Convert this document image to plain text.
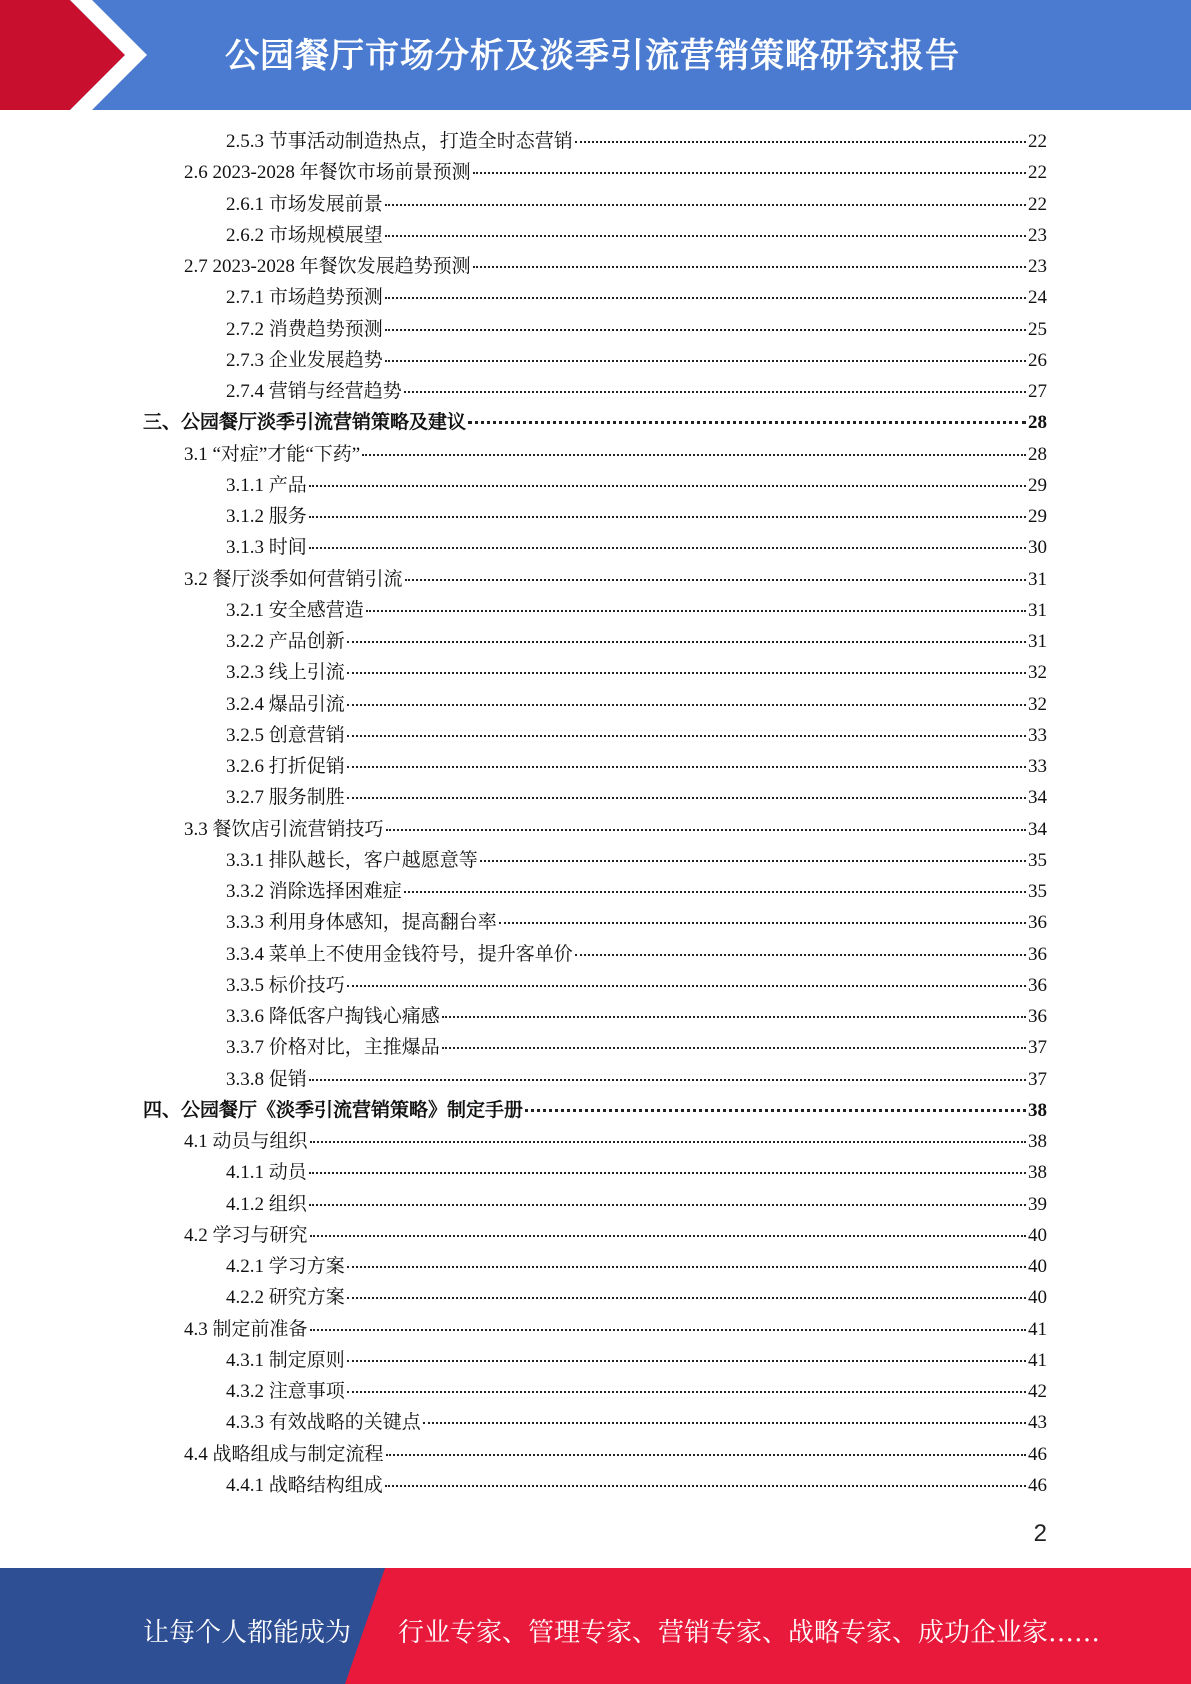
公园餐厅市场分析及淡季引流营销策略研究报告
2.5.3 节事活动制造热点，打造全时态营销	22
2.6 2023-2028 年餐饮市场前景预测	22
2.6.1 市场发展前景	22
2.6.2 市场规模展望	23
2.7 2023-2028 年餐饮发展趋势预测	23
2.7.1 市场趋势预测	24
2.7.2 消费趋势预测	25
2.7.3 企业发展趋势	26
2.7.4 营销与经营趋势	27
三、公园餐厅淡季引流营销策略及建议	28
3.1 “对症”才能“下药”	28
3.1.1 产品	29
3.1.2 服务	29
3.1.3 时间	30
3.2 餐厅淡季如何营销引流	31
3.2.1 安全感营造	31
3.2.2 产品创新	31
3.2.3 线上引流	32
3.2.4 爆品引流	32
3.2.5 创意营销	33
3.2.6 打折促销	33
3.2.7 服务制胜	34
3.3 餐饮店引流营销技巧	34
3.3.1 排队越长，客户越愿意等	35
3.3.2 消除选择困难症	35
3.3.3 利用身体感知，提高翻台率	36
3.3.4 菜单上不使用金钱符号，提升客单价	36
3.3.5 标价技巧	36
3.3.6 降低客户掏钱心痛感	36
3.3.7 价格对比，主推爆品	37
3.3.8 促销	37
四、公园餐厅《淡季引流营销策略》制定手册	38
4.1 动员与组织	38
4.1.1 动员	38
4.1.2 组织	39
4.2 学习与研究	40
4.2.1 学习方案	40
4.2.2 研究方案	40
4.3 制定前准备	41
4.3.1 制定原则	41
4.3.2 注意事项	42
4.3.3 有效战略的关键点	43
4.4 战略组成与制定流程	46
4.4.1 战略结构组成	46
2
让每个人都能成为 行业专家、管理专家、营销专家、战略专家、成功企业家……
